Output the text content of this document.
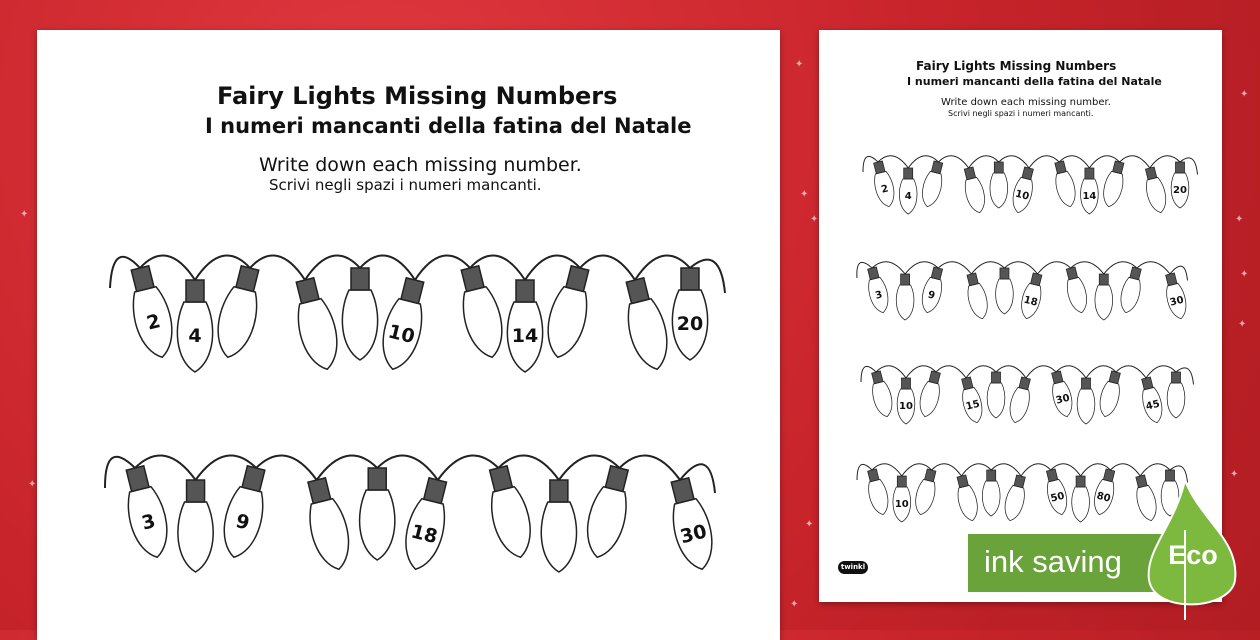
✦
✦	✦
✦
✦
✦
✦
✦
✦
✦
✦
✦
Fairy Lights Missing Numbers
I numeri mancanti della fatina del Natale
Write down each missing number.
Scrivi negli spazi i numeri mancanti.
Fairy Lights Missing Numbers
I numeri mancanti della fatina del Natale
Write down each missing number.
Scrivi negli spazi i numeri mancanti.
2
4	10	14
20
3	9	18	30
2
4	10	14
20
3	9	18	30
10	15	30	45
10	50	80
twinkl	ink saving	Eco
